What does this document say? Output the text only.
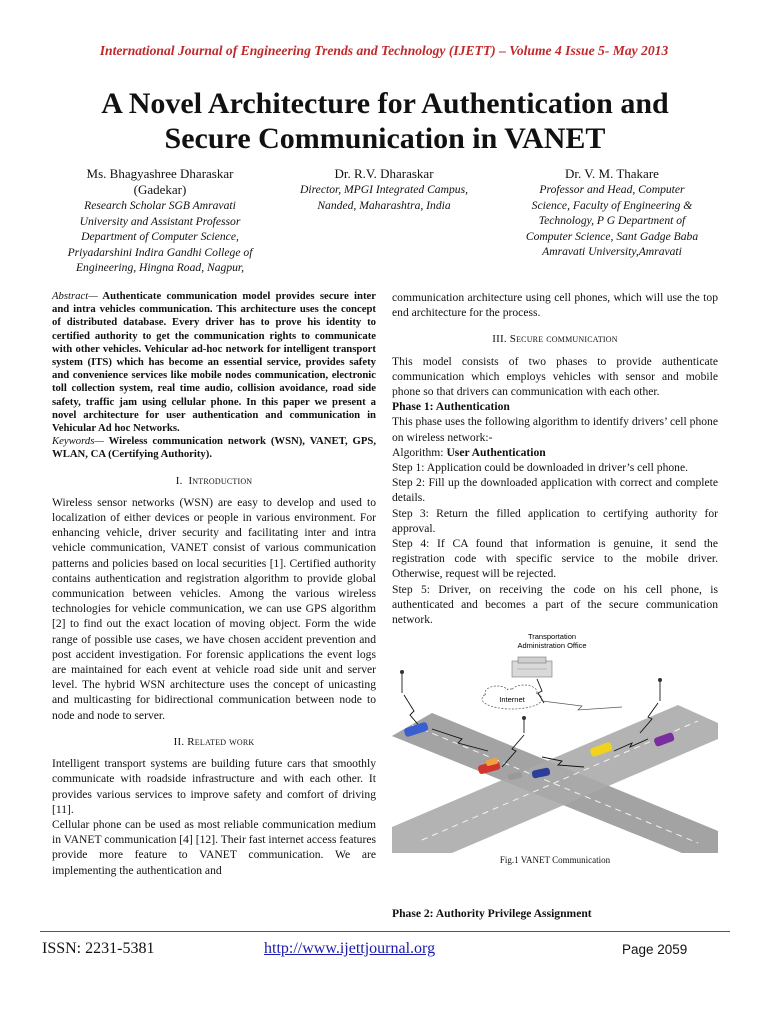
International Journal of Engineering Trends and Technology (IJETT) – Volume 4 Issue 5- May 2013
A Novel Architecture for Authentication and
Secure Communication in VANET
Ms. Bhagyashree Dharaskar
(Gadekar)
Research Scholar SGB Amravati
University and Assistant Professor
Department of Computer Science,
Priyadarshini Indira Gandhi College of
Engineering, Hingna Road, Nagpur,
Dr. R.V. Dharaskar
Director, MPGI Integrated Campus,
Nanded, Maharashtra, India
Dr. V. M. Thakare
Professor and Head, Computer
Science, Faculty of Engineering &
Technology, P G Department of
Computer Science, Sant Gadge Baba
Amravati University,Amravati

Abstract— Authenticate communication model provides secure inter and intra vehicles communication. This architecture uses the concept of distributed database. Every driver has to prove his identity to certified authority to get the communication rights to communicate with other vehicles. Vehicular ad-hoc network for intelligent transport system (ITS) which has become an essential service, provides safety and convenience services like mobile nodes communication, electronic toll collection system, real time audio, collision avoidance, road side safety, traffic jam using cellular phone. In this paper we present a novel architecture for user authentication and communication in Vehicular Ad hoc Networks.

Keywords— Wireless communication network (WSN), VANET, GPS, WLAN, CA (Certifying Authority).

I. Introduction

Wireless sensor networks (WSN) are easy to develop and used to localization of either devices or people in various environment. For enhancing vehicle, driver security and facilitating inter and intra vehicle communication, VANET consist of various communication patterns and policies based on local securities [1]. Certified authority contains authentication and registration algorithm to provide global communication between vehicles. Among the various wireless technologies for vehicle communication, we can use GPS algorithm [2] to find out the exact location of moving object. Form the wide range of possible use cases, we have chosen accident prevention and post accident investigation. For forensic applications the event logs are maintained for each event at vehicle road side unit and server level. The hybrid WSN architecture uses the concept of unicasting and multicasting for bidirectional communication between node to node and node to server.

II. Related work

Intelligent transport systems are building future cars that smoothly communicate with roadside infrastructure and with each other. It provides various services to improve safety and comfort of driving [11].

Cellular phone can be used as most reliable communication medium in VANET communication [4] [12]. Their fast internet access features provide more feature to VANET communication. We are implementing the authentication and

communication architecture using cell phones, which will use the top end architecture for the process.

III. Secure communication

This model consists of two phases to provide authenticate communication which employs vehicles with sensor and mobile phone so that drivers can communication with each other.

Phase 1: Authentication

This phase uses the following algorithm to identify drivers’ cell phone on wireless network:-

Algorithm: User Authentication

Step 1: Application could be downloaded in driver’s cell phone.

Step 2: Fill up the downloaded application with correct and complete details.

Step 3: Return the filled application to certifying authority for approval.

Step 4: If CA found that information is genuine, it send the registration code with specific service to the mobile driver. Otherwise, request will be rejected.

Step 5: Driver, on receiving the code on his cell phone, is authenticated and becomes a part of the secure communication network.

Transportation
Administration Office
Internet
Fig.1 VANET Communication

Phase 2: Authority Privilege Assignment

ISSN: 2231-5381	http://www.ijettjournal.org	Page 2059
